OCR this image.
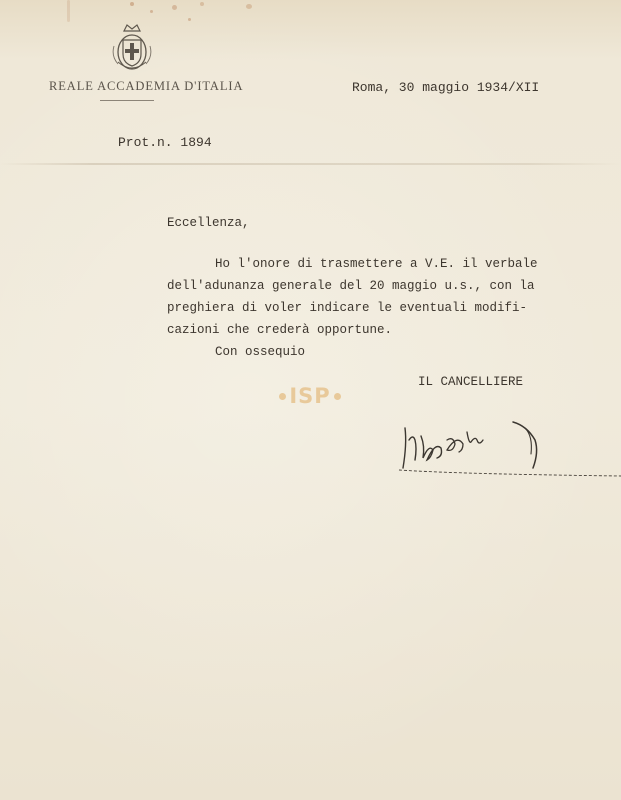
REALE ACCADEMIA D'ITALIA	Roma, 30 maggio 1934/XII
Prot.n. 1894
Eccellenza,
Ho l'onore di trasmettere a V.E. il verbale
dell'adunanza generale del 20 maggio u.s., con la
preghiera di voler indicare le eventuali modifi-
cazioni che crederà opportune.
Con ossequio
IL CANCELLIERE
ISP
